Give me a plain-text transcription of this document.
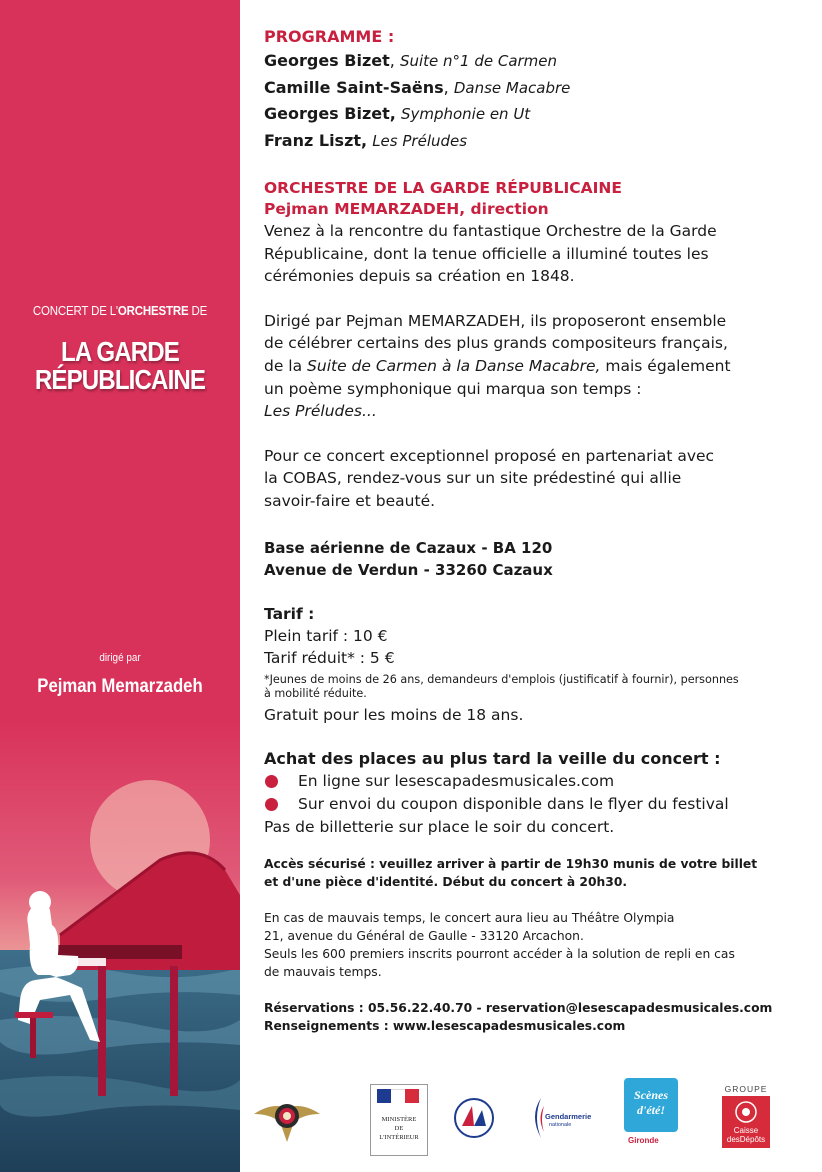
CONCERT DE L'ORCHESTRE DE
LA GARDE
RÉPUBLICAINE
dirigé par
Pejman Memarzadeh
PROGRAMME :
Georges Bizet, Suite n°1 de Carmen
Camille Saint-Saëns, Danse Macabre
Georges Bizet, Symphonie en Ut
Franz Liszt, Les Préludes
ORCHESTRE DE LA GARDE RÉPUBLICAINE
Pejman MEMARZADEH, direction
Venez à la rencontre du fantastique Orchestre de la Garde
Républicaine, dont la tenue officielle a illuminé toutes les
cérémonies depuis sa création en 1848.
Dirigé par Pejman MEMARZADEH, ils proposeront ensemble
de célébrer certains des plus grands compositeurs français,
de la Suite de Carmen à la Danse Macabre, mais également
un poème symphonique qui marqua son temps :
Les Préludes...
Pour ce concert exceptionnel proposé en partenariat avec
la COBAS, rendez-vous sur un site prédestiné qui allie
savoir-faire et beauté.
Base aérienne de Cazaux - BA 120
Avenue de Verdun - 33260 Cazaux
Tarif :
Plein tarif : 10 €
Tarif réduit* : 5 €
*Jeunes de moins de 26 ans, demandeurs d'emplois (justificatif à fournir), personnes
à mobilité réduite.
Gratuit pour les moins de 18 ans.
Achat des places au plus tard la veille du concert :
En ligne sur lesescapadesmusicales.com
Sur envoi du coupon disponible dans le flyer du festival
Pas de billetterie sur place le soir du concert.
Accès sécurisé : veuillez arriver à partir de 19h30 munis de votre billet
et d'une pièce d'identité. Début du concert à 20h30.
En cas de mauvais temps, le concert aura lieu au Théâtre Olympia
21, avenue du Général de Gaulle - 33120 Arcachon.
Seuls les 600 premiers inscrits pourront accéder à la solution de repli en cas
de mauvais temps.
Réservations : 05.56.22.40.70 - reservation@lesescapadesmusicales.com
Renseignements : www.lesescapadesmusicales.com
MINISTÈRE
DE
L'INTÉRIEUR
Gendarmerie
nationale
Scènes
d'été!
Gironde
GROUPE
Caisse
desDépôts
